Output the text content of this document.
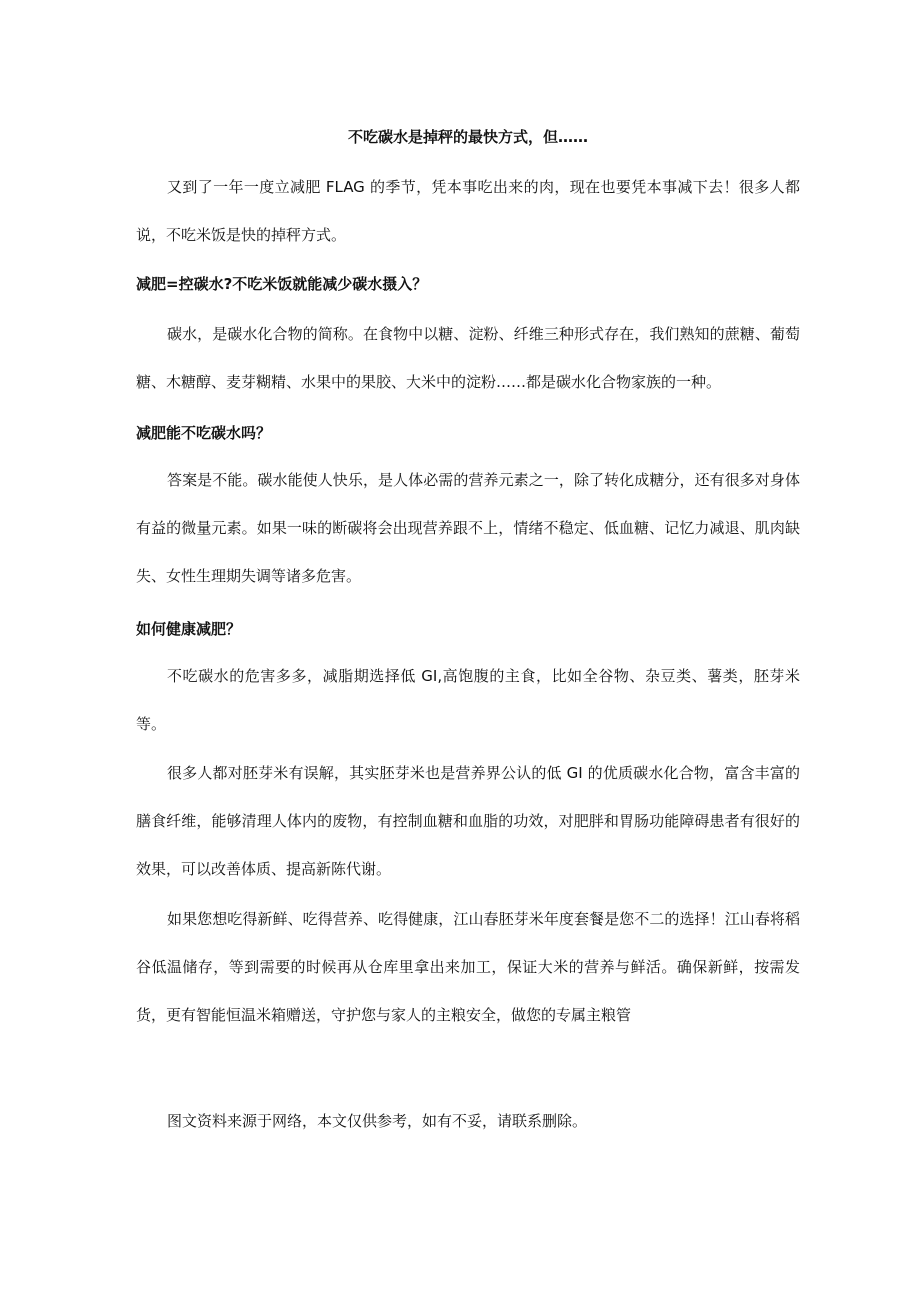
不吃碳水是掉秤的最快方式，但……

又到了一年一度立减肥 FLAG 的季节，凭本事吃出来的肉，现在也要凭本事减下去！很多人都说，不吃米饭是快的掉秤方式。

减肥=控碳水?不吃米饭就能减少碳水摄入？

碳水，是碳水化合物的简称。在食物中以糖、淀粉、纤维三种形式存在，我们熟知的蔗糖、葡萄糖、木糖醇、麦芽糊精、水果中的果胶、大米中的淀粉……都是碳水化合物家族的一种。

减肥能不吃碳水吗？

答案是不能。碳水能使人快乐，是人体必需的营养元素之一，除了转化成糖分，还有很多对身体有益的微量元素。如果一味的断碳将会出现营养跟不上，情绪不稳定、低血糖、记忆力减退、肌肉缺失、女性生理期失调等诸多危害。

如何健康减肥？

不吃碳水的危害多多，减脂期选择低 GI,高饱腹的主食，比如全谷物、杂豆类、薯类，胚芽米等。

很多人都对胚芽米有误解，其实胚芽米也是营养界公认的低 GI 的优质碳水化合物，富含丰富的膳食纤维，能够清理人体内的废物，有控制血糖和血脂的功效，对肥胖和胃肠功能障碍患者有很好的效果，可以改善体质、提高新陈代谢。

如果您想吃得新鲜、吃得营养、吃得健康，江山春胚芽米年度套餐是您不二的选择！江山春将稻谷低温储存，等到需要的时候再从仓库里拿出来加工，保证大米的营养与鲜活。确保新鲜，按需发货，更有智能恒温米箱赠送，守护您与家人的主粮安全，做您的专属主粮管

图文资料来源于网络，本文仅供参考，如有不妥，请联系删除。
